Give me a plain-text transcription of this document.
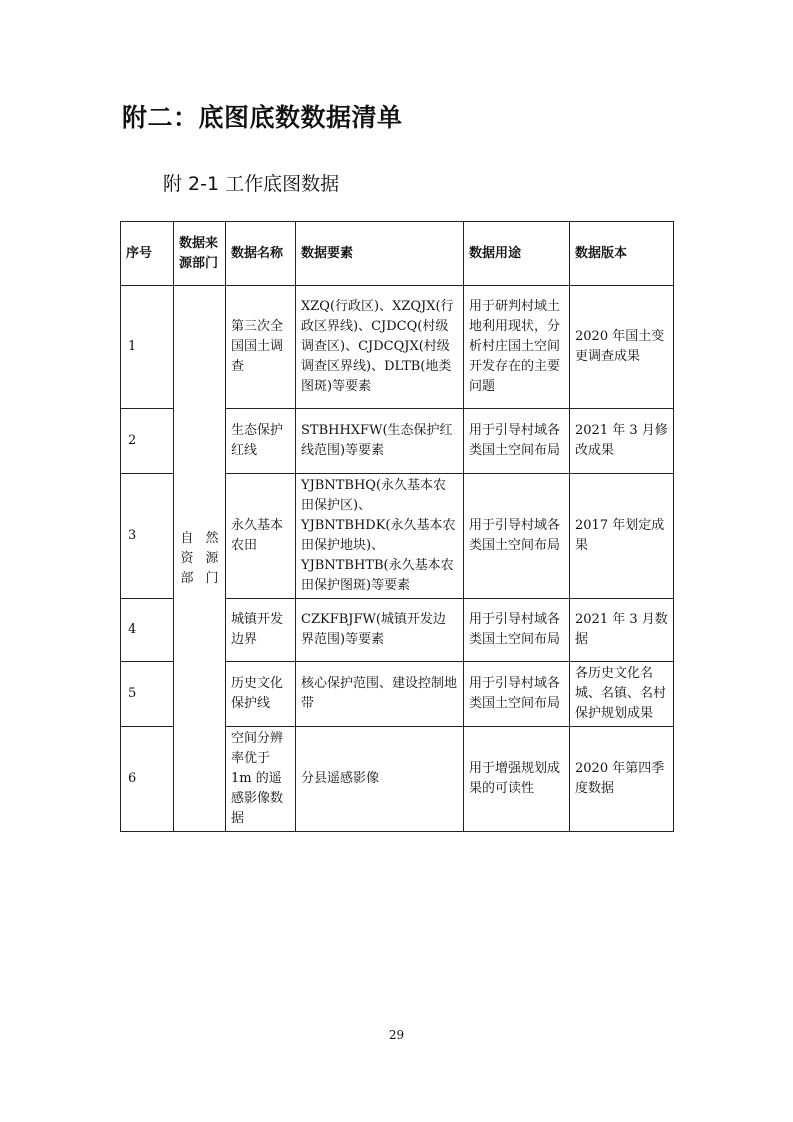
附二：底图底数数据清单
附 2-1 工作底图数据
序号	数据来源部门	数据名称	数据要素	数据用途	数据版本
1	自然资源部门	第三次全国国土调查	XZQ(行政区)、XZQJX(行政区界线)、CJDCQ(村级调查区)、CJDCQJX(村级调查区界线)、DLTB(地类图斑)等要素	用于研判村域土地利用现状，分析村庄国土空间开发存在的主要问题	2020 年国土变更调查成果
2		生态保护红线	STBHHXFW(生态保护红线范围)等要素	用于引导村域各类国土空间布局	2021 年 3 月修改成果
3		永久基本农田	YJBNTBHQ(永久基本农田保护区)、YJBNTBHDK(永久基本农田保护地块)、YJBNTBHTB(永久基本农田保护图斑)等要素	用于引导村域各类国土空间布局	2017 年划定成果
4		城镇开发边界	CZKFBJFW(城镇开发边界范围)等要素	用于引导村域各类国土空间布局	2021 年 3 月数据
5		历史文化保护线	核心保护范围、建设控制地带	用于引导村域各类国土空间布局	各历史文化名城、名镇、名村保护规划成果
6		空间分辨率优于 1m 的遥感影像数据	分县遥感影像	用于增强规划成果的可读性	2020 年第四季度数据
29
